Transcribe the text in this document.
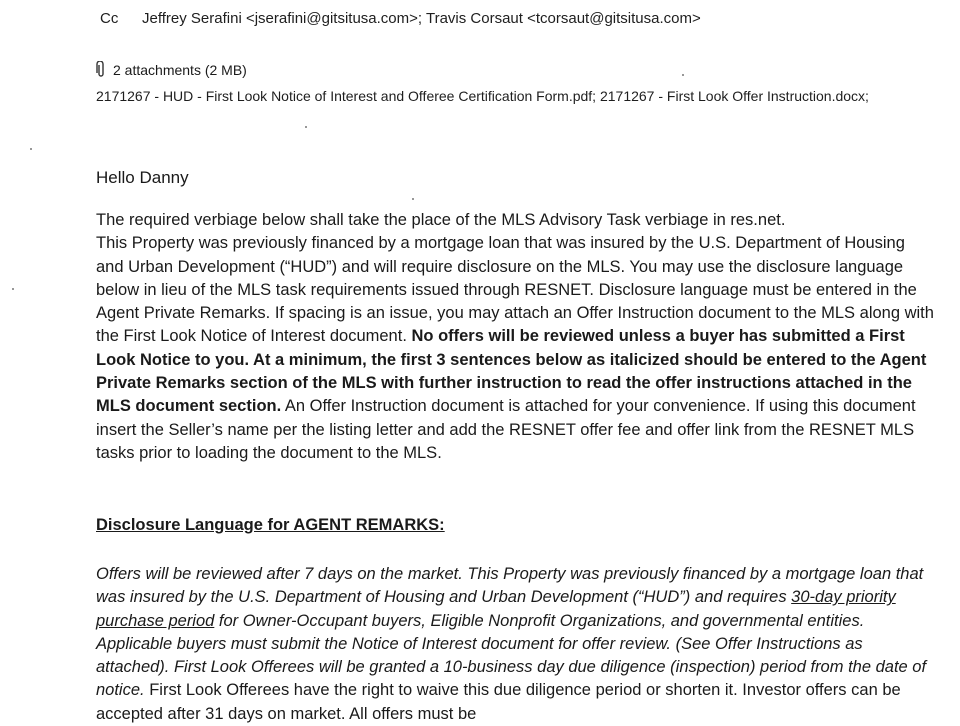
Cc Jeffrey Serafini <jserafini@gitsitusa.com>; Travis Corsaut <tcorsaut@gitsitusa.com>
2 attachments (2 MB)
2171267 - HUD - First Look Notice of Interest and Offeree Certification Form.pdf; 2171267 - First Look Offer Instruction.docx;
Hello Danny
The required verbiage below shall take the place of the MLS Advisory Task verbiage in res.net.
This Property was previously financed by a mortgage loan that was insured by the U.S. Department of Housing and Urban Development (“HUD”) and will require disclosure on the MLS. You may use the disclosure language below in lieu of the MLS task requirements issued through RESNET. Disclosure language must be entered in the Agent Private Remarks. If spacing is an issue, you may attach an Offer Instruction document to the MLS along with the First Look Notice of Interest document. No offers will be reviewed unless a buyer has submitted a First Look Notice to you. At a minimum, the first 3 sentences below as italicized should be entered to the Agent Private Remarks section of the MLS with further instruction to read the offer instructions attached in the MLS document section. An Offer Instruction document is attached for your convenience. If using this document insert the Seller’s name per the listing letter and add the RESNET offer fee and offer link from the RESNET MLS tasks prior to loading the document to the MLS.
Disclosure Language for AGENT REMARKS:
Offers will be reviewed after 7 days on the market. This Property was previously financed by a mortgage loan that was insured by the U.S. Department of Housing and Urban Development (“HUD”) and requires 30-day priority purchase period for Owner-Occupant buyers, Eligible Nonprofit Organizations, and governmental entities. Applicable buyers must submit the Notice of Interest document for offer review. (See Offer Instructions as attached). First Look Offerees will be granted a 10-business day due diligence (inspection) period from the date of notice. First Look Offerees have the right to waive this due diligence period or shorten it. Investor offers can be accepted after 31 days on market. All offers must be
